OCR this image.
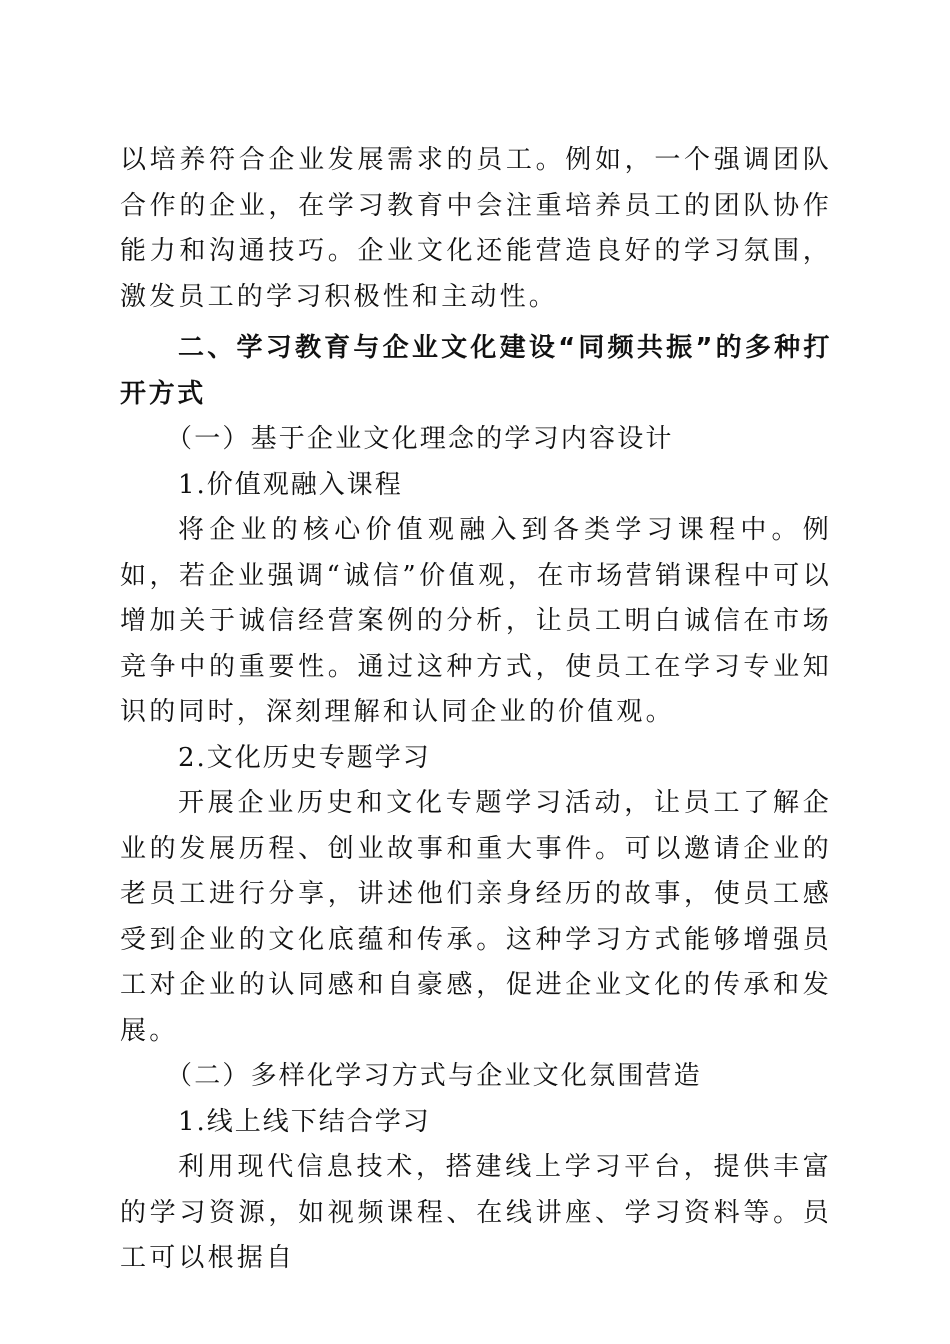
以培养符合企业发展需求的员工。例如，一个强调团队合作的企业，在学习教育中会注重培养员工的团队协作能力和沟通技巧。企业文化还能营造良好的学习氛围，激发员工的学习积极性和主动性。

二、学习教育与企业文化建设“同频共振”的多种打开方式

（一）基于企业文化理念的学习内容设计

1.价值观融入课程

将企业的核心价值观融入到各类学习课程中。例如，若企业强调“诚信”价值观，在市场营销课程中可以增加关于诚信经营案例的分析，让员工明白诚信在市场竞争中的重要性。通过这种方式，使员工在学习专业知识的同时，深刻理解和认同企业的价值观。

2.文化历史专题学习

开展企业历史和文化专题学习活动，让员工了解企业的发展历程、创业故事和重大事件。可以邀请企业的老员工进行分享，讲述他们亲身经历的故事，使员工感受到企业的文化底蕴和传承。这种学习方式能够增强员工对企业的认同感和自豪感，促进企业文化的传承和发展。

（二）多样化学习方式与企业文化氛围营造

1.线上线下结合学习

利用现代信息技术，搭建线上学习平台，提供丰富的学习资源，如视频课程、在线讲座、学习资料等。员工可以根据自
